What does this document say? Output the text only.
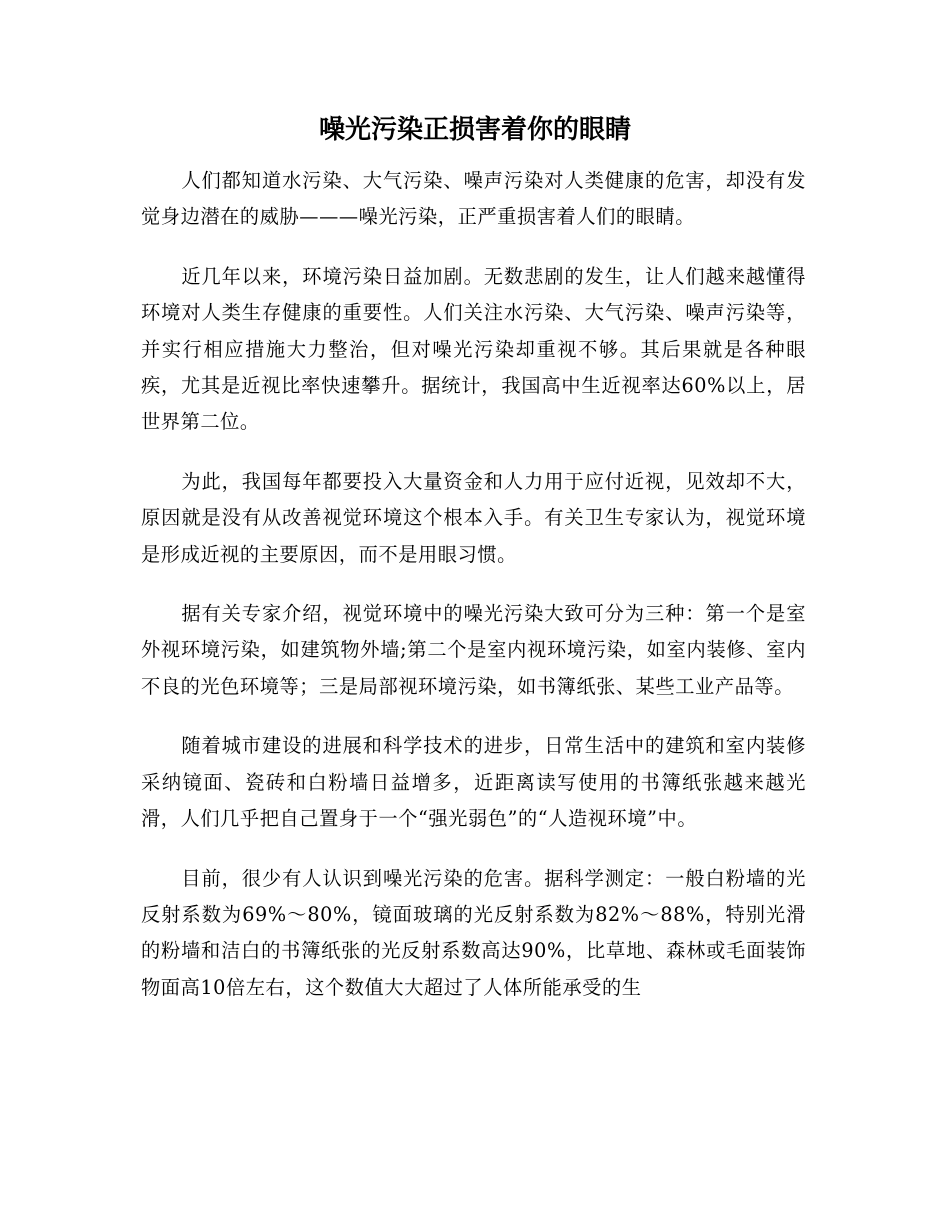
噪光污染正损害着你的眼睛

人们都知道水污染、大气污染、噪声污染对人类健康的危害，却没有发觉身边潜在的威胁———噪光污染，正严重损害着人们的眼睛。

近几年以来，环境污染日益加剧。无数悲剧的发生，让人们越来越懂得环境对人类生存健康的重要性。人们关注水污染、大气污染、噪声污染等，并实行相应措施大力整治，但对噪光污染却重视不够。其后果就是各种眼疾，尤其是近视比率快速攀升。据统计，我国高中生近视率达60%以上，居世界第二位。

为此，我国每年都要投入大量资金和人力用于应付近视，见效却不大，原因就是没有从改善视觉环境这个根本入手。有关卫生专家认为，视觉环境是形成近视的主要原因，而不是用眼习惯。

据有关专家介绍，视觉环境中的噪光污染大致可分为三种：第一个是室外视环境污染，如建筑物外墙;第二个是室内视环境污染，如室内装修、室内不良的光色环境等；三是局部视环境污染，如书簿纸张、某些工业产品等。

随着城市建设的进展和科学技术的进步，日常生活中的建筑和室内装修采纳镜面、瓷砖和白粉墙日益增多，近距离读写使用的书簿纸张越来越光滑，人们几乎把自己置身于一个“强光弱色”的“人造视环境”中。

目前，很少有人认识到噪光污染的危害。据科学测定：一般白粉墙的光反射系数为69%～80%，镜面玻璃的光反射系数为82%～88%，特别光滑的粉墙和洁白的书簿纸张的光反射系数高达90%，比草地、森林或毛面装饰物面高10倍左右，这个数值大大超过了人体所能承受的生
